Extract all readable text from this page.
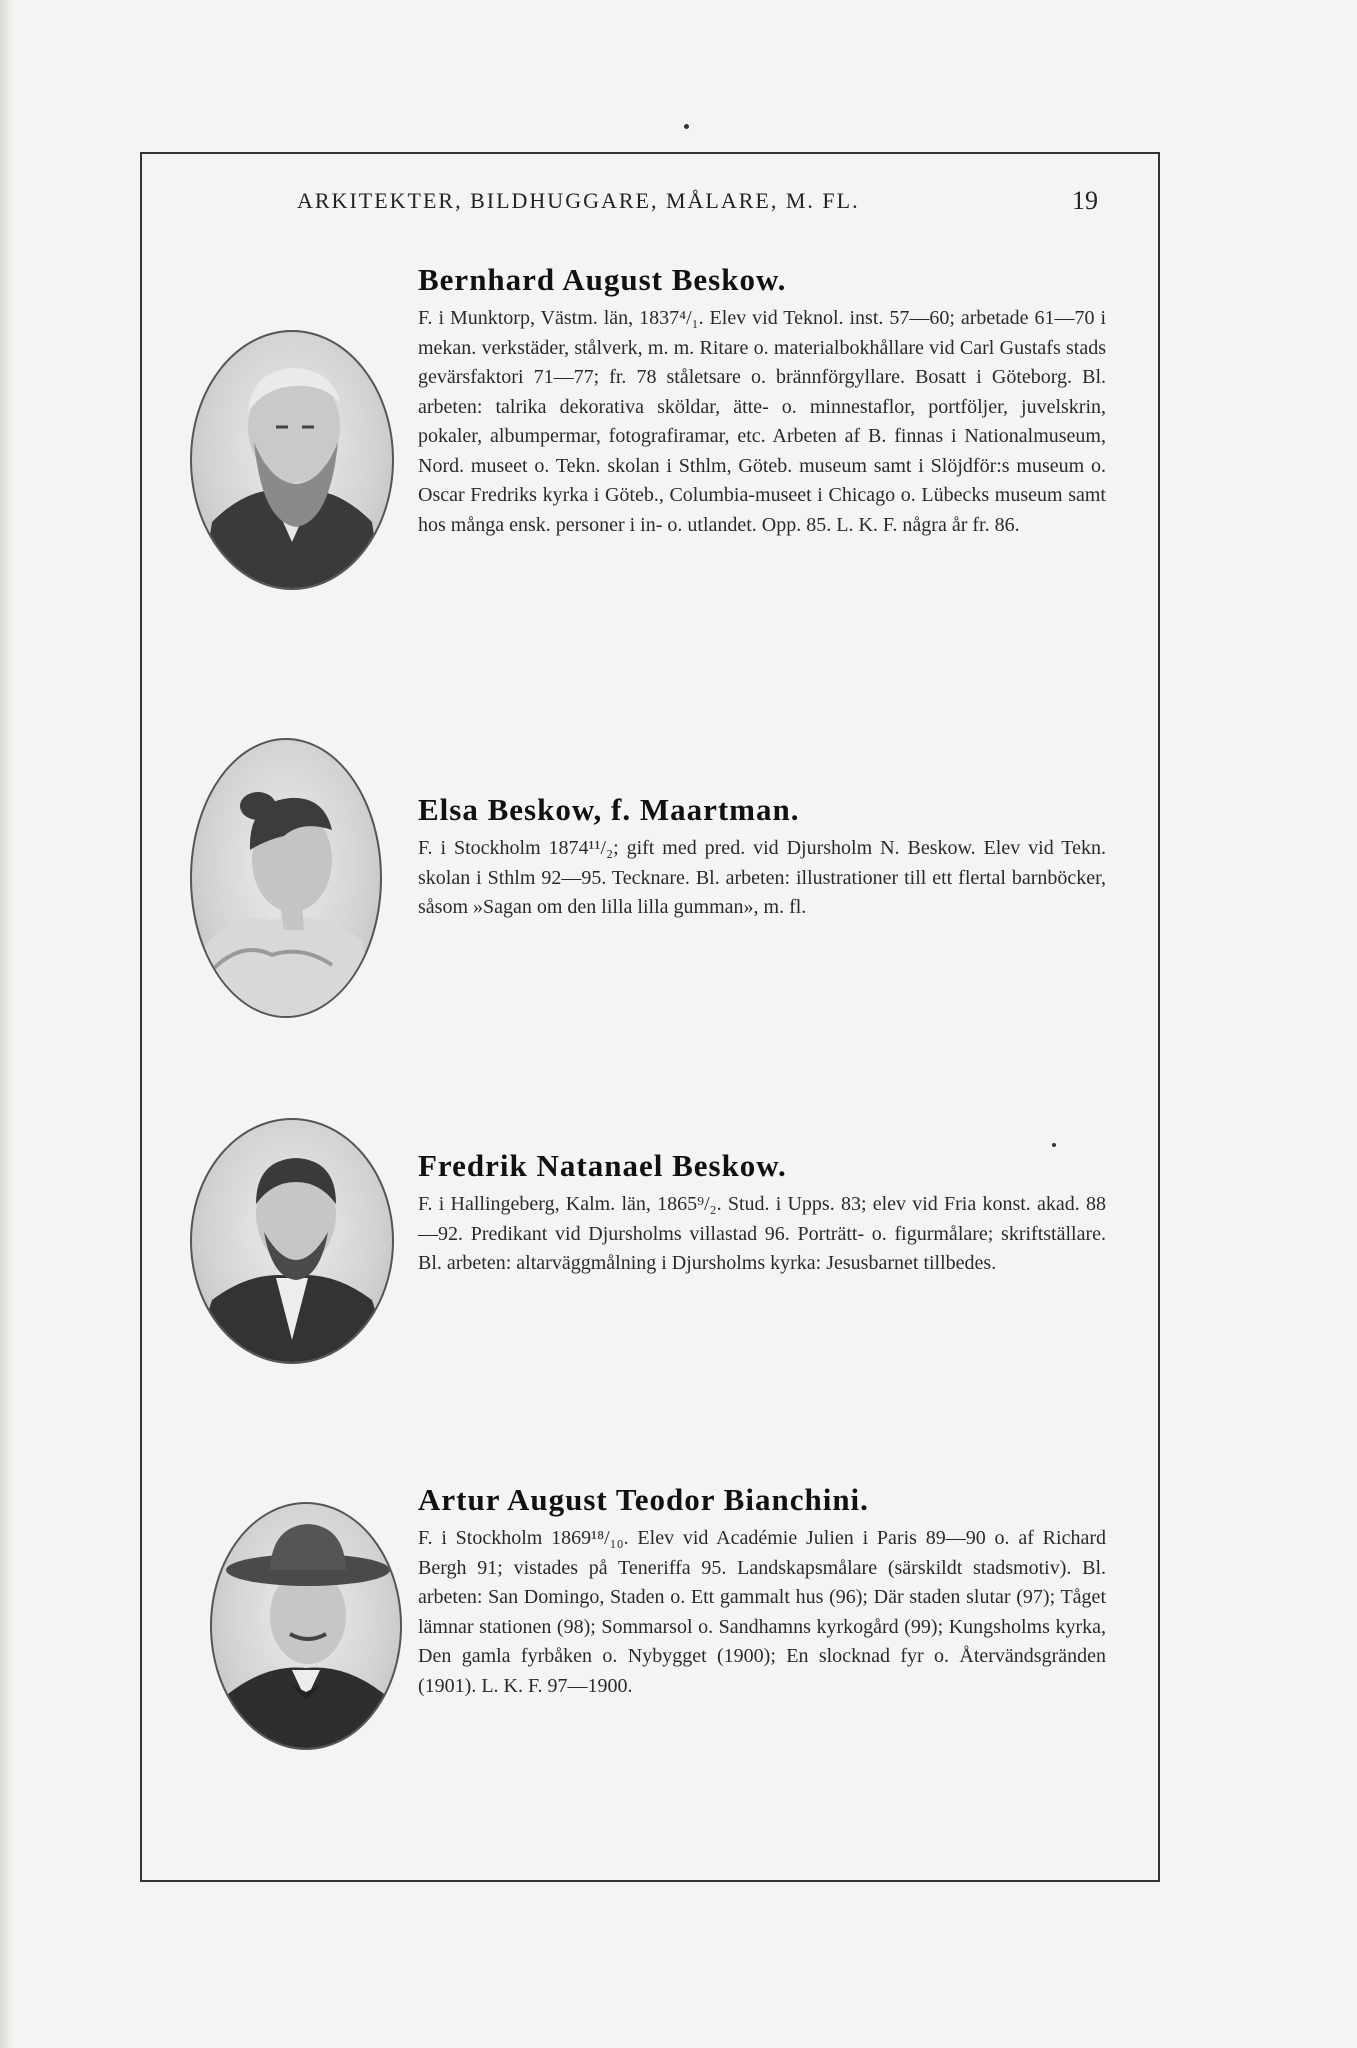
ARKITEKTER, BILDHUGGARE, MÅLARE, M. FL.	19
Bernhard August Beskow.

F. i Munktorp, Västm. län, 1837⁴/₁. Elev vid Teknol. inst. 57—60; arbetade 61—70 i mekan. verkstäder, stålverk, m. m. Ritare o. materialbokhållare vid Carl Gustafs stads gevärsfaktori 71—77; fr. 78 ståletsare o. brännförgyllare. Bosatt i Göteborg. Bl. arbeten: talrika dekorativa sköldar, ätte- o. minnestaflor, portföljer, juvelskrin, pokaler, albumpermar, fotografiramar, etc. Arbeten af B. finnas i Nationalmuseum, Nord. museet o. Tekn. skolan i Sthlm, Göteb. museum samt i Slöjdför:s museum o. Oscar Fredriks kyrka i Göteb., Columbia-museet i Chicago o. Lübecks museum samt hos många ensk. personer i in- o. utlandet. Opp. 85. L. K. F. några år fr. 86.

Elsa Beskow, f. Maartman.

F. i Stockholm 1874¹¹/₂; gift med pred. vid Djursholm N. Beskow. Elev vid Tekn. skolan i Sthlm 92—95. Tecknare. Bl. arbeten: illustrationer till ett flertal barnböcker, såsom »Sagan om den lilla lilla gumman», m. fl.

Fredrik Natanael Beskow.

F. i Hallingeberg, Kalm. län, 1865⁹/₂. Stud. i Upps. 83; elev vid Fria konst. akad. 88—92. Predikant vid Djursholms villastad 96. Porträtt- o. figurmålare; skriftställare. Bl. arbeten: altarväggmålning i Djursholms kyrka: Jesusbarnet tillbedes.

Artur August Teodor Bianchini.

F. i Stockholm 1869¹⁸/₁₀. Elev vid Académie Julien i Paris 89—90 o. af Richard Bergh 91; vistades på Teneriffa 95. Landskapsmålare (särskildt stadsmotiv). Bl. arbeten: San Domingo, Staden o. Ett gammalt hus (96); Där staden slutar (97); Tåget lämnar stationen (98); Sommarsol o. Sandhamns kyrkogård (99); Kungsholms kyrka, Den gamla fyrbåken o. Nybygget (1900); En slocknad fyr o. Återvändsgränden (1901). L. K. F. 97—1900.
